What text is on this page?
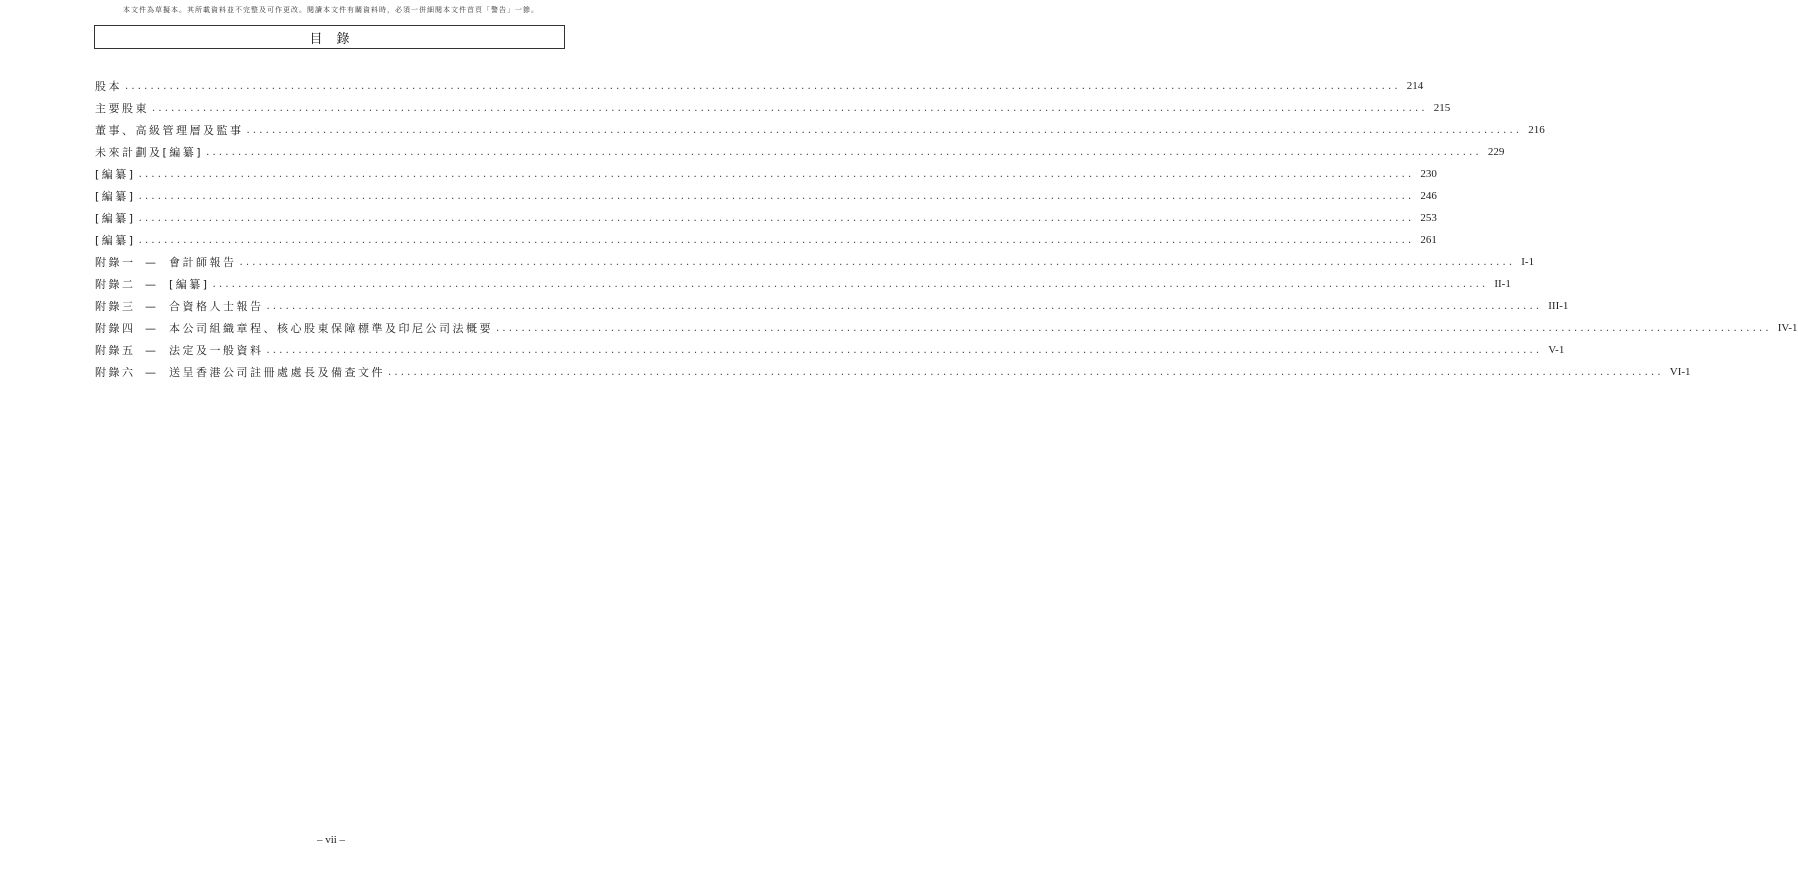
本文件為草擬本。其所載資料並不完整及可作更改。閱讀本文件有關資料時，必須一併細閱本文件首頁「警告」一節。
目錄
股本 ........................................................................................................................................................................................................ 214
主要股東 ........................................................................................................................................................................................................ 215
董事、高級管理層及監事 ........................................................................................................................................................................................................ 216
未來計劃及[編纂] ........................................................................................................................................................................................................ 229
[編纂] ........................................................................................................................................................................................................ 230
[編纂] ........................................................................................................................................................................................................ 246
[編纂] ........................................................................................................................................................................................................ 253
[編纂] ........................................................................................................................................................................................................ 261
附錄一 — 會計師報告 ........................................................................................................................................................................................................ I-1
附錄二 — [編纂] ........................................................................................................................................................................................................ II-1
附錄三 — 合資格人士報告 ........................................................................................................................................................................................................ III-1
附錄四 — 本公司組織章程、核心股東保障標準及印尼公司法概要 ........................................................................................................................................................................................................ IV-1
附錄五 — 法定及一般資料 ........................................................................................................................................................................................................ V-1
附錄六 — 送呈香港公司註冊處處長及備查文件 ........................................................................................................................................................................................................ VI-1
– vii –
